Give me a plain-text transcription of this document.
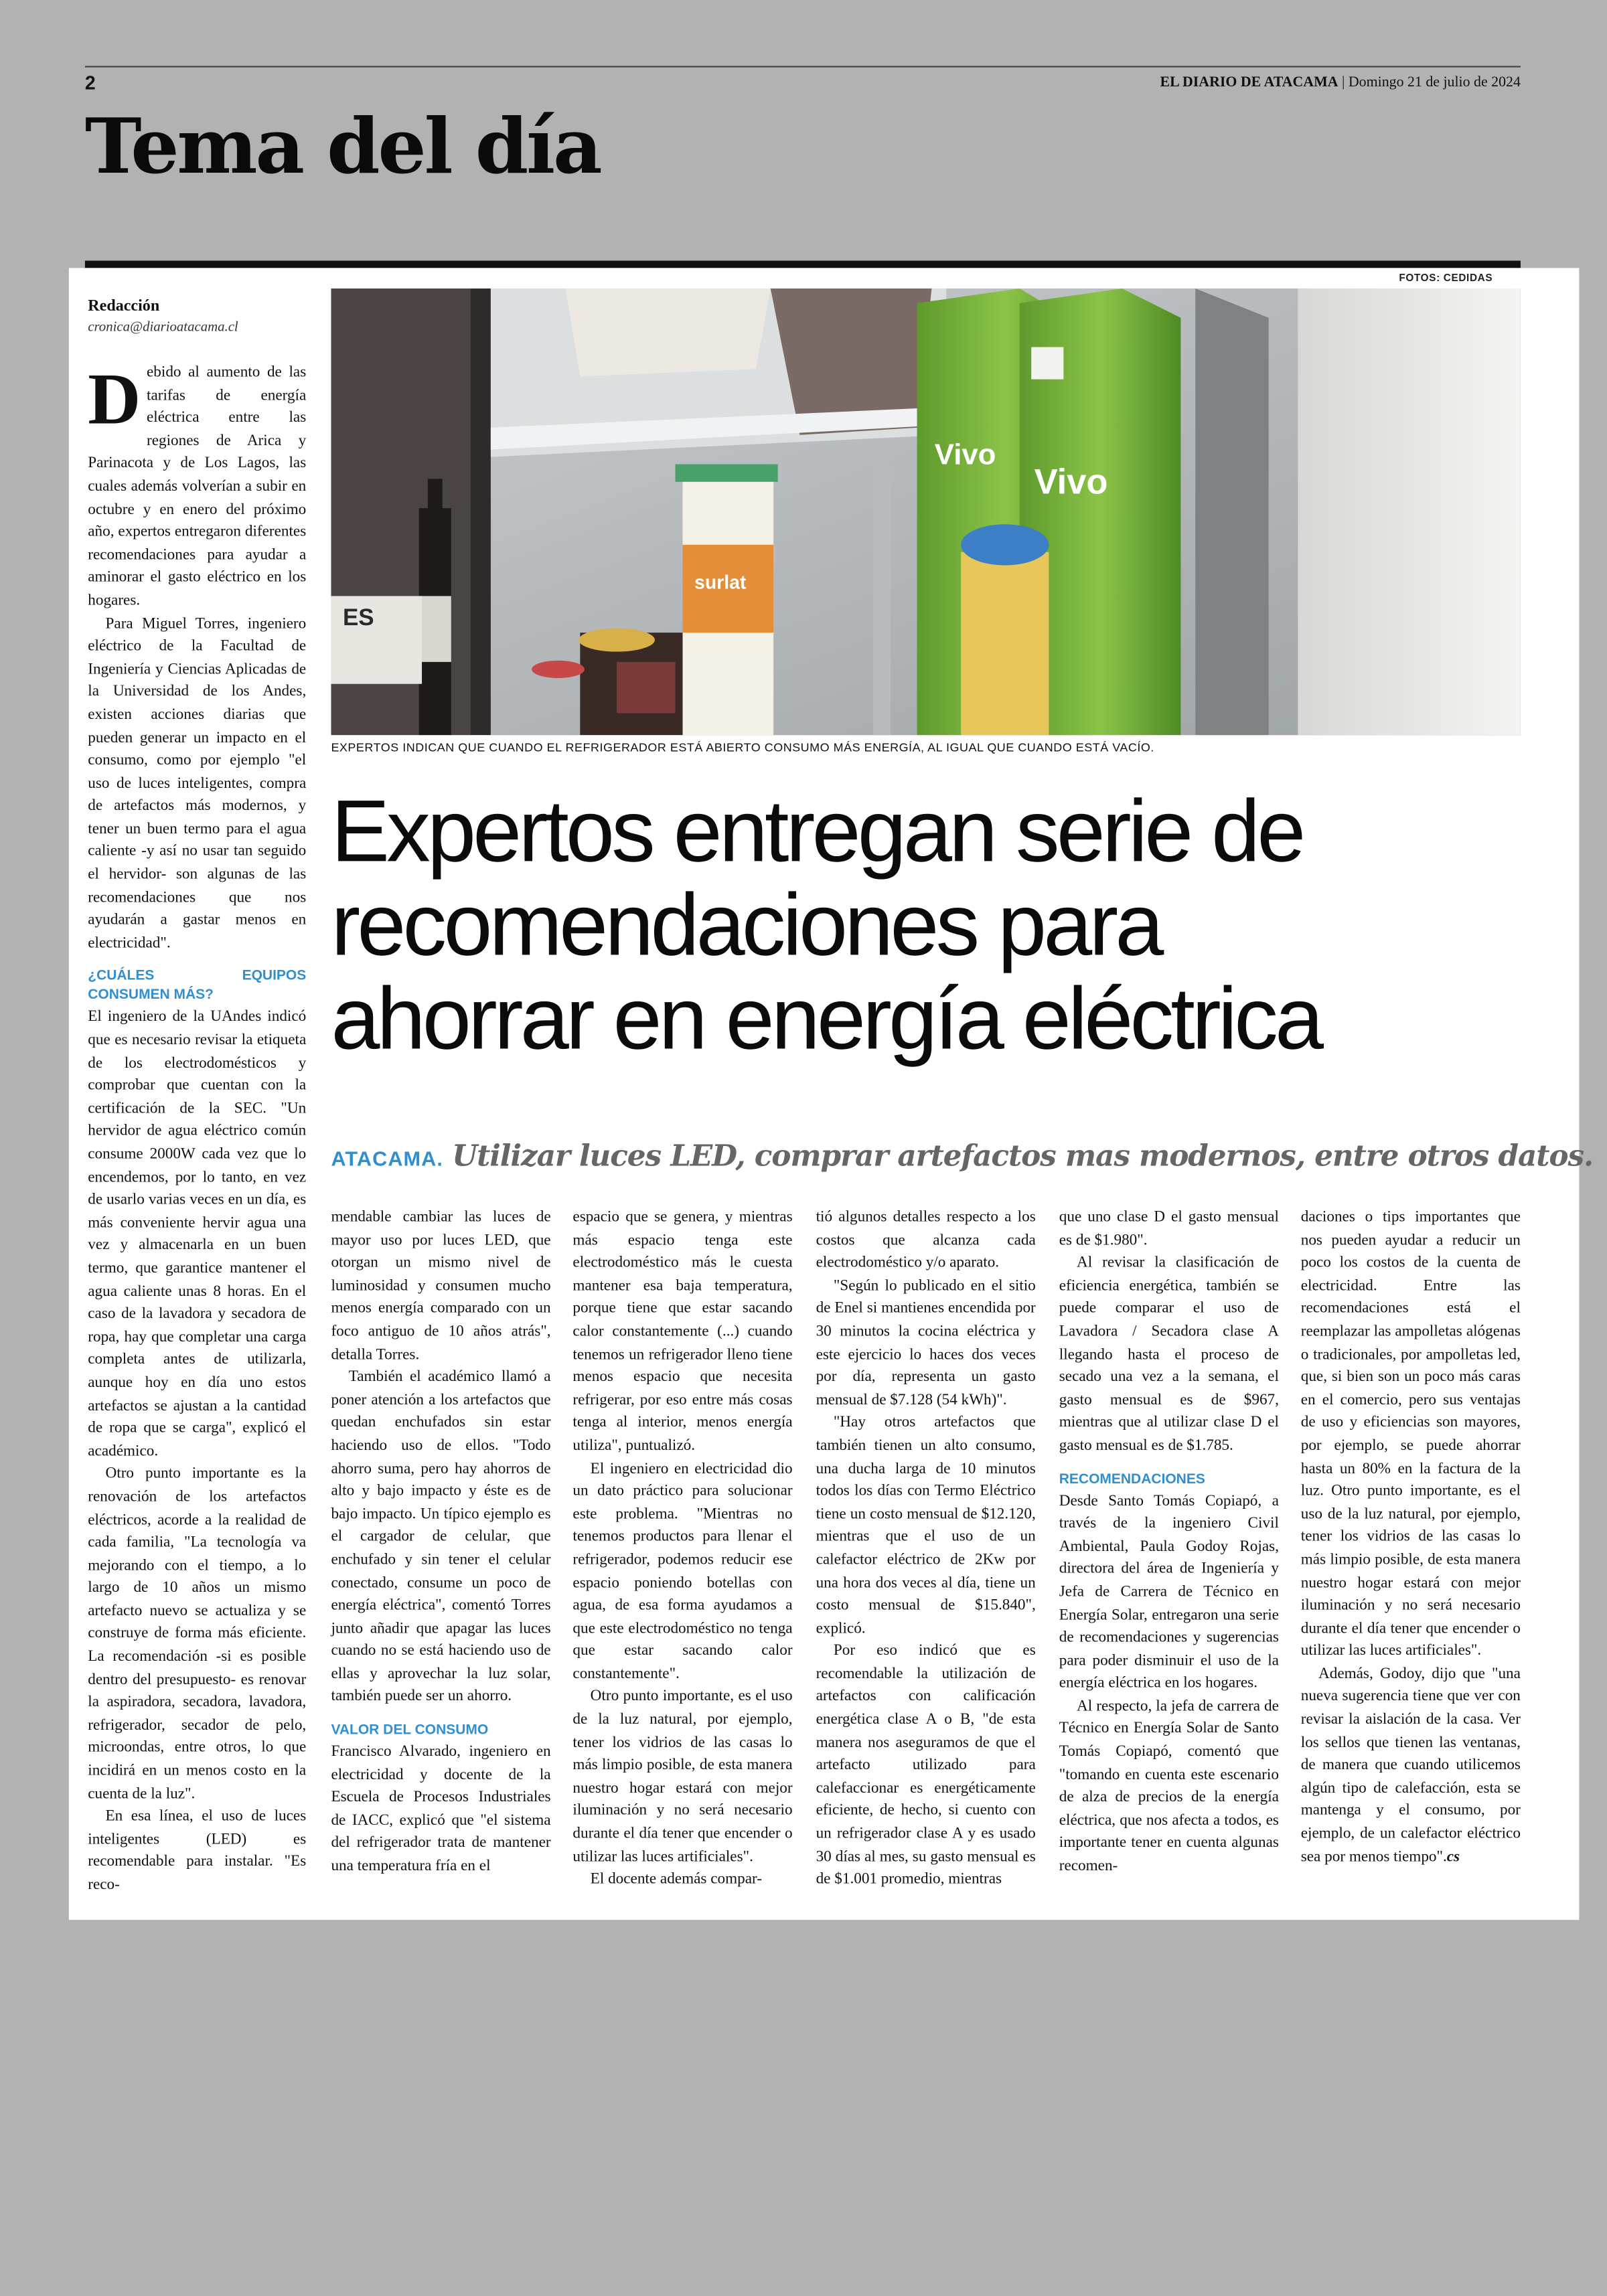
2	EL DIARIO DE ATACAMA | Domingo 21 de julio de 2024
Tema del día
FOTOS: CEDIDAS
Redacción
cronica@diarioatacama.cl
ES
surlat
Vivo
Vivo
EXPERTOS INDICAN QUE CUANDO EL REFRIGERADOR ESTÁ ABIERTO CONSUMO MÁS ENERGÍA, AL IGUAL QUE CUANDO ESTÁ VACÍO.
Expertos entregan serie de
recomendaciones para
ahorrar en energía eléctrica
ATACAMA. Utilizar luces LED, comprar artefactos mas modernos, entre otros datos.

Debido al aumento de las tarifas de energía eléctrica entre las regiones de Arica y Parinacota y de Los Lagos, las cuales además volverían a subir en octubre y en enero del próximo año, expertos entregaron diferentes recomendaciones para ayudar a aminorar el gasto eléctrico en los hogares.

Para Miguel Torres, ingeniero eléctrico de la Facultad de Ingeniería y Ciencias Aplicadas de la Universidad de los Andes, existen acciones diarias que pueden generar un impacto en el consumo, como por ejemplo "el uso de luces inteligentes, compra de artefactos más modernos, y tener un buen termo para el agua caliente -y así no usar tan seguido el hervidor- son algunas de las recomendaciones que nos ayudarán a gastar menos en electricidad".

¿CUÁLES EQUIPOS CONSUMEN MÁS?

El ingeniero de la UAndes indicó que es necesario revisar la etiqueta de los electrodomésticos y comprobar que cuentan con la certificación de la SEC. "Un hervidor de agua eléctrico común consume 2000W cada vez que lo encendemos, por lo tanto, en vez de usarlo varias veces en un día, es más conveniente hervir agua una vez y almacenarla en un buen termo, que garantice mantener el agua caliente unas 8 horas. En el caso de la lavadora y secadora de ropa, hay que completar una carga completa antes de utilizarla, aunque hoy en día uno estos artefactos se ajustan a la cantidad de ropa que se carga", explicó el académico.

Otro punto importante es la renovación de los artefactos eléctricos, acorde a la realidad de cada familia, "La tecnología va mejorando con el tiempo, a lo largo de 10 años un mismo artefacto nuevo se actualiza y se construye de forma más eficiente. La recomendación -si es posible dentro del presupuesto- es renovar la aspiradora, secadora, lavadora, refrigerador, secador de pelo, microondas, entre otros, lo que incidirá en un menos costo en la cuenta de la luz".

En esa línea, el uso de luces inteligentes (LED) es recomendable para instalar. "Es reco-

mendable cambiar las luces de mayor uso por luces LED, que otorgan un mismo nivel de luminosidad y consumen mucho menos energía comparado con un foco antiguo de 10 años atrás", detalla Torres.

También el académico llamó a poner atención a los artefactos que quedan enchufados sin estar haciendo uso de ellos. "Todo ahorro suma, pero hay ahorros de alto y bajo impacto y éste es de bajo impacto. Un típico ejemplo es el cargador de celular, que enchufado y sin tener el celular conectado, consume un poco de energía eléctrica", comentó Torres junto añadir que apagar las luces cuando no se está haciendo uso de ellas y aprovechar la luz solar, también puede ser un ahorro.

VALOR DEL CONSUMO

Francisco Alvarado, ingeniero en electricidad y docente de la Escuela de Procesos Industriales de IACC, explicó que "el sistema del refrigerador trata de mantener una temperatura fría en el

espacio que se genera, y mientras más espacio tenga este electrodoméstico más le cuesta mantener esa baja temperatura, porque tiene que estar sacando calor constantemente (...) cuando tenemos un refrigerador lleno tiene menos espacio que necesita refrigerar, por eso entre más cosas tenga al interior, menos energía utiliza", puntualizó.

El ingeniero en electricidad dio un dato práctico para solucionar este problema. "Mientras no tenemos productos para llenar el refrigerador, podemos reducir ese espacio poniendo botellas con agua, de esa forma ayudamos a que este electrodoméstico no tenga que estar sacando calor constantemente".

Otro punto importante, es el uso de la luz natural, por ejemplo, tener los vidrios de las casas lo más limpio posible, de esta manera nuestro hogar estará con mejor iluminación y no será necesario durante el día tener que encender o utilizar las luces artificiales".

El docente además compar-

tió algunos detalles respecto a los costos que alcanza cada electrodoméstico y/o aparato.

"Según lo publicado en el sitio de Enel si mantienes encendida por 30 minutos la cocina eléctrica y este ejercicio lo haces dos veces por día, representa un gasto mensual de $7.128 (54 kWh)".

"Hay otros artefactos que también tienen un alto consumo, una ducha larga de 10 minutos todos los días con Termo Eléctrico tiene un costo mensual de $12.120, mientras que el uso de un calefactor eléctrico de 2Kw por una hora dos veces al día, tiene un costo mensual de $15.840", explicó.

Por eso indicó que es recomendable la utilización de artefactos con calificación energética clase A o B, "de esta manera nos aseguramos de que el artefacto utilizado para calefaccionar es energéticamente eficiente, de hecho, si cuento con un refrigerador clase A y es usado 30 días al mes, su gasto mensual es de $1.001 promedio, mientras

que uno clase D el gasto mensual es de $1.980".

Al revisar la clasificación de eficiencia energética, también se puede comparar el uso de Lavadora / Secadora clase A llegando hasta el proceso de secado una vez a la semana, el gasto mensual es de $967, mientras que al utilizar clase D el gasto mensual es de $1.785.

RECOMENDACIONES

Desde Santo Tomás Copiapó, a través de la ingeniero Civil Ambiental, Paula Godoy Rojas, directora del área de Ingeniería y Jefa de Carrera de Técnico en Energía Solar, entregaron una serie de recomendaciones y sugerencias para poder disminuir el uso de la energía eléctrica en los hogares.

Al respecto, la jefa de carrera de Técnico en Energía Solar de Santo Tomás Copiapó, comentó que "tomando en cuenta este escenario de alza de precios de la energía eléctrica, que nos afecta a todos, es importante tener en cuenta algunas recomen-

daciones o tips importantes que nos pueden ayudar a reducir un poco los costos de la cuenta de electricidad. Entre las recomendaciones está el reemplazar las ampolletas alógenas o tradicionales, por ampolletas led, que, si bien son un poco más caras en el comercio, pero sus ventajas de uso y eficiencias son mayores, por ejemplo, se puede ahorrar hasta un 80% en la factura de la luz. Otro punto importante, es el uso de la luz natural, por ejemplo, tener los vidrios de las casas lo más limpio posible, de esta manera nuestro hogar estará con mejor iluminación y no será necesario durante el día tener que encender o utilizar las luces artificiales".

Además, Godoy, dijo que "una nueva sugerencia tiene que ver con revisar la aislación de la casa. Ver los sellos que tienen las ventanas, de manera que cuando utilicemos algún tipo de calefacción, esta se mantenga y el consumo, por ejemplo, de un calefactor eléctrico sea por menos tiempo".cs
